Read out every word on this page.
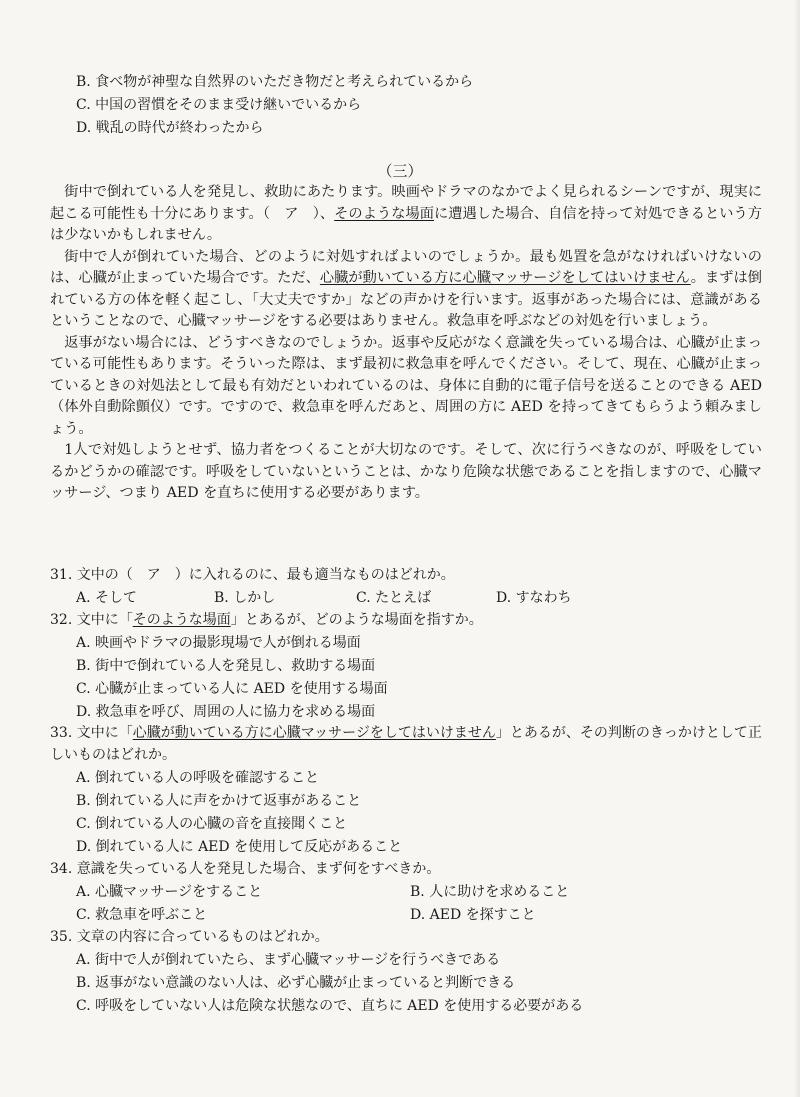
B. 食べ物が神聖な自然界のいただき物だと考えられているから
C. 中国の習慣をそのまま受け継いでいるから
D. 戦乱の時代が終わったから
（三）

街中で倒れている人を発見し、救助にあたります。映画やドラマのなかでよく見られるシーンですが、現実に起こる可能性も十分にあります。（　ア　）、そのような場面に遭遇した場合、自信を持って対処できるという方は少ないかもしれません。

街中で人が倒れていた場合、どのように対処すればよいのでしょうか。最も処置を急がなければいけないのは、心臓が止まっていた場合です。ただ、心臓が動いている方に心臓マッサージをしてはいけません。まずは倒れている方の体を軽く起こし、「大丈夫ですか」などの声かけを行います。返事があった場合には、意識があるということなので、心臓マッサージをする必要はありません。救急車を呼ぶなどの対処を行いましょう。

返事がない場合には、どうすべきなのでしょうか。返事や反応がなく意識を失っている場合は、心臓が止まっている可能性もあります。そういった際は、まず最初に救急車を呼んでください。そして、現在、心臓が止まっているときの対処法として最も有効だといわれているのは、身体に自動的に電子信号を送ることのできる AED（体外自動除顫仪）です。ですので、救急車を呼んだあと、周囲の方に AED を持ってきてもらうよう頼みましょう。

1人で対処しようとせず、協力者をつくることが大切なのです。そして、次に行うべきなのが、呼吸をしているかどうかの確認です。呼吸をしていないということは、かなり危険な状態であることを指しますので、心臓マッサージ、つまり AED を直ちに使用する必要があります。

31. 文中の（　ア　）に入れるのに、最も適当なものはどれか。
A. そして	B. しかし	C. たとえば	D. すなわち
32. 文中に「そのような場面」とあるが、どのような場面を指すか。
A. 映画やドラマの撮影現場で人が倒れる場面
B. 街中で倒れている人を発見し、救助する場面
C. 心臓が止まっている人に AED を使用する場面
D. 救急車を呼び、周囲の人に協力を求める場面
33. 文中に「心臓が動いている方に心臓マッサージをしてはいけません」とあるが、その判断のきっかけとして正しいものはどれか。
A. 倒れている人の呼吸を確認すること
B. 倒れている人に声をかけて返事があること
C. 倒れている人の心臓の音を直接聞くこと
D. 倒れている人に AED を使用して反応があること
34. 意識を失っている人を発見した場合、まず何をすべきか。
A. 心臓マッサージをすること	B. 人に助けを求めること
C. 救急車を呼ぶこと	D. AED を探すこと
35. 文章の内容に合っているものはどれか。
A. 街中で人が倒れていたら、まず心臓マッサージを行うべきである
B. 返事がない意識のない人は、必ず心臓が止まっていると判断できる
C. 呼吸をしていない人は危険な状態なので、直ちに AED を使用する必要がある
